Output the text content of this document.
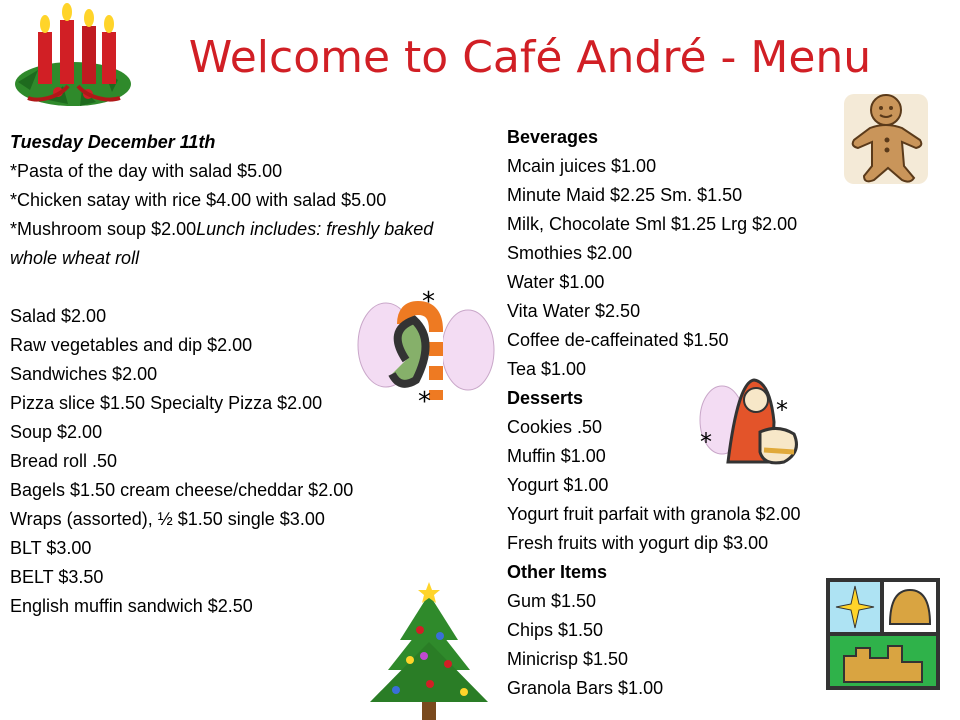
Welcome to Café André - Menu
*
*
*
*
Tuesday December 11th
*Pasta of the day with salad $5.00
*Chicken satay with rice $4.00 with salad $5.00
*Mushroom soup $2.00Lunch includes: freshly baked whole wheat roll
Salad $2.00
Raw vegetables and dip $2.00
Sandwiches $2.00
Pizza slice $1.50 Specialty Pizza $2.00
Soup $2.00
Bread roll .50
Bagels $1.50 cream cheese/cheddar $2.00
Wraps (assorted), ½ $1.50 single $3.00
BLT $3.00
BELT $3.50
English muffin sandwich $2.50
Beverages
Mcain juices $1.00
Minute Maid $2.25 Sm. $1.50
Milk, Chocolate Sml $1.25 Lrg $2.00
Smothies $2.00
Water $1.00
Vita Water $2.50
Coffee de-caffeinated $1.50
Tea $1.00
Desserts
Cookies .50
Muffin $1.00
Yogurt $1.00
Yogurt fruit parfait with granola $2.00
Fresh fruits with yogurt dip $3.00
Other Items
Gum $1.50
Chips $1.50
Minicrisp $1.50
Granola Bars $1.00
